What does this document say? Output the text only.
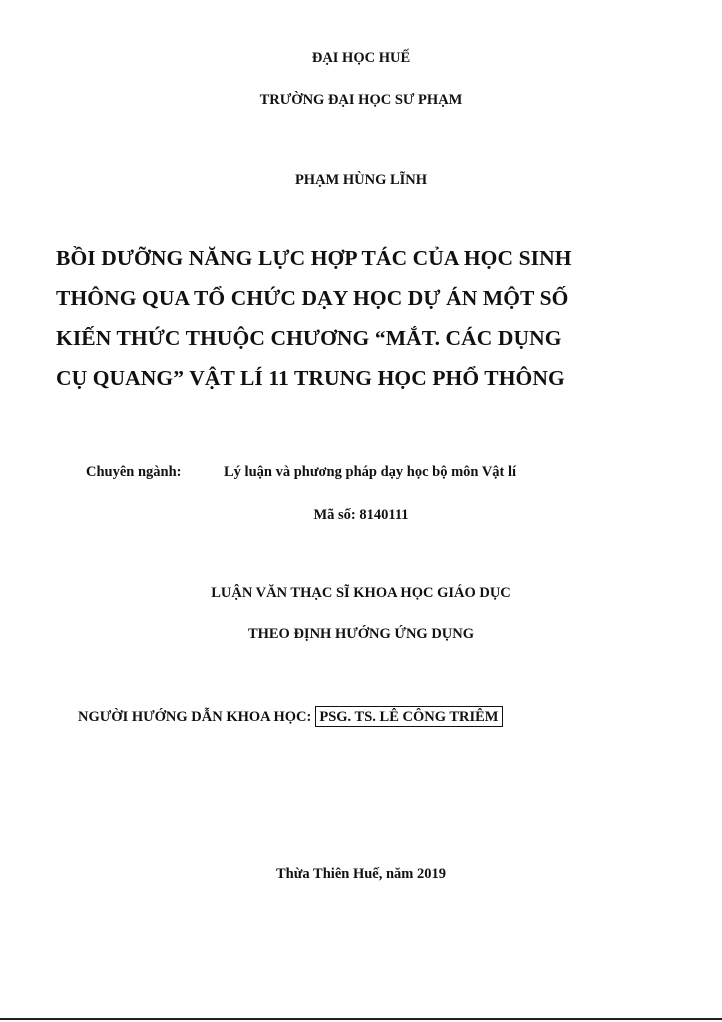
ĐẠI HỌC HUẾ
TRƯỜNG ĐẠI HỌC SƯ PHẠM
PHẠM HÙNG LĨNH
BỒI DƯỠNG NĂNG LỰC HỢP TÁC CỦA HỌC SINH
THÔNG QUA TỔ CHỨC DẠY HỌC DỰ ÁN MỘT SỐ
KIẾN THỨC THUỘC CHƯƠNG “MẮT. CÁC DỤNG
CỤ QUANG” VẬT LÍ 11 TRUNG HỌC PHỔ THÔNG
Chuyên ngành:	Lý luận và phương pháp dạy học bộ môn Vật lí
Mã số: 8140111
LUẬN VĂN THẠC SĨ KHOA HỌC GIÁO DỤC
THEO ĐỊNH HƯỚNG ỨNG DỤNG
NGƯỜI HƯỚNG DẪN KHOA HỌC: PSG. TS. LÊ CÔNG TRIÊM
Thừa Thiên Huế, năm 2019
